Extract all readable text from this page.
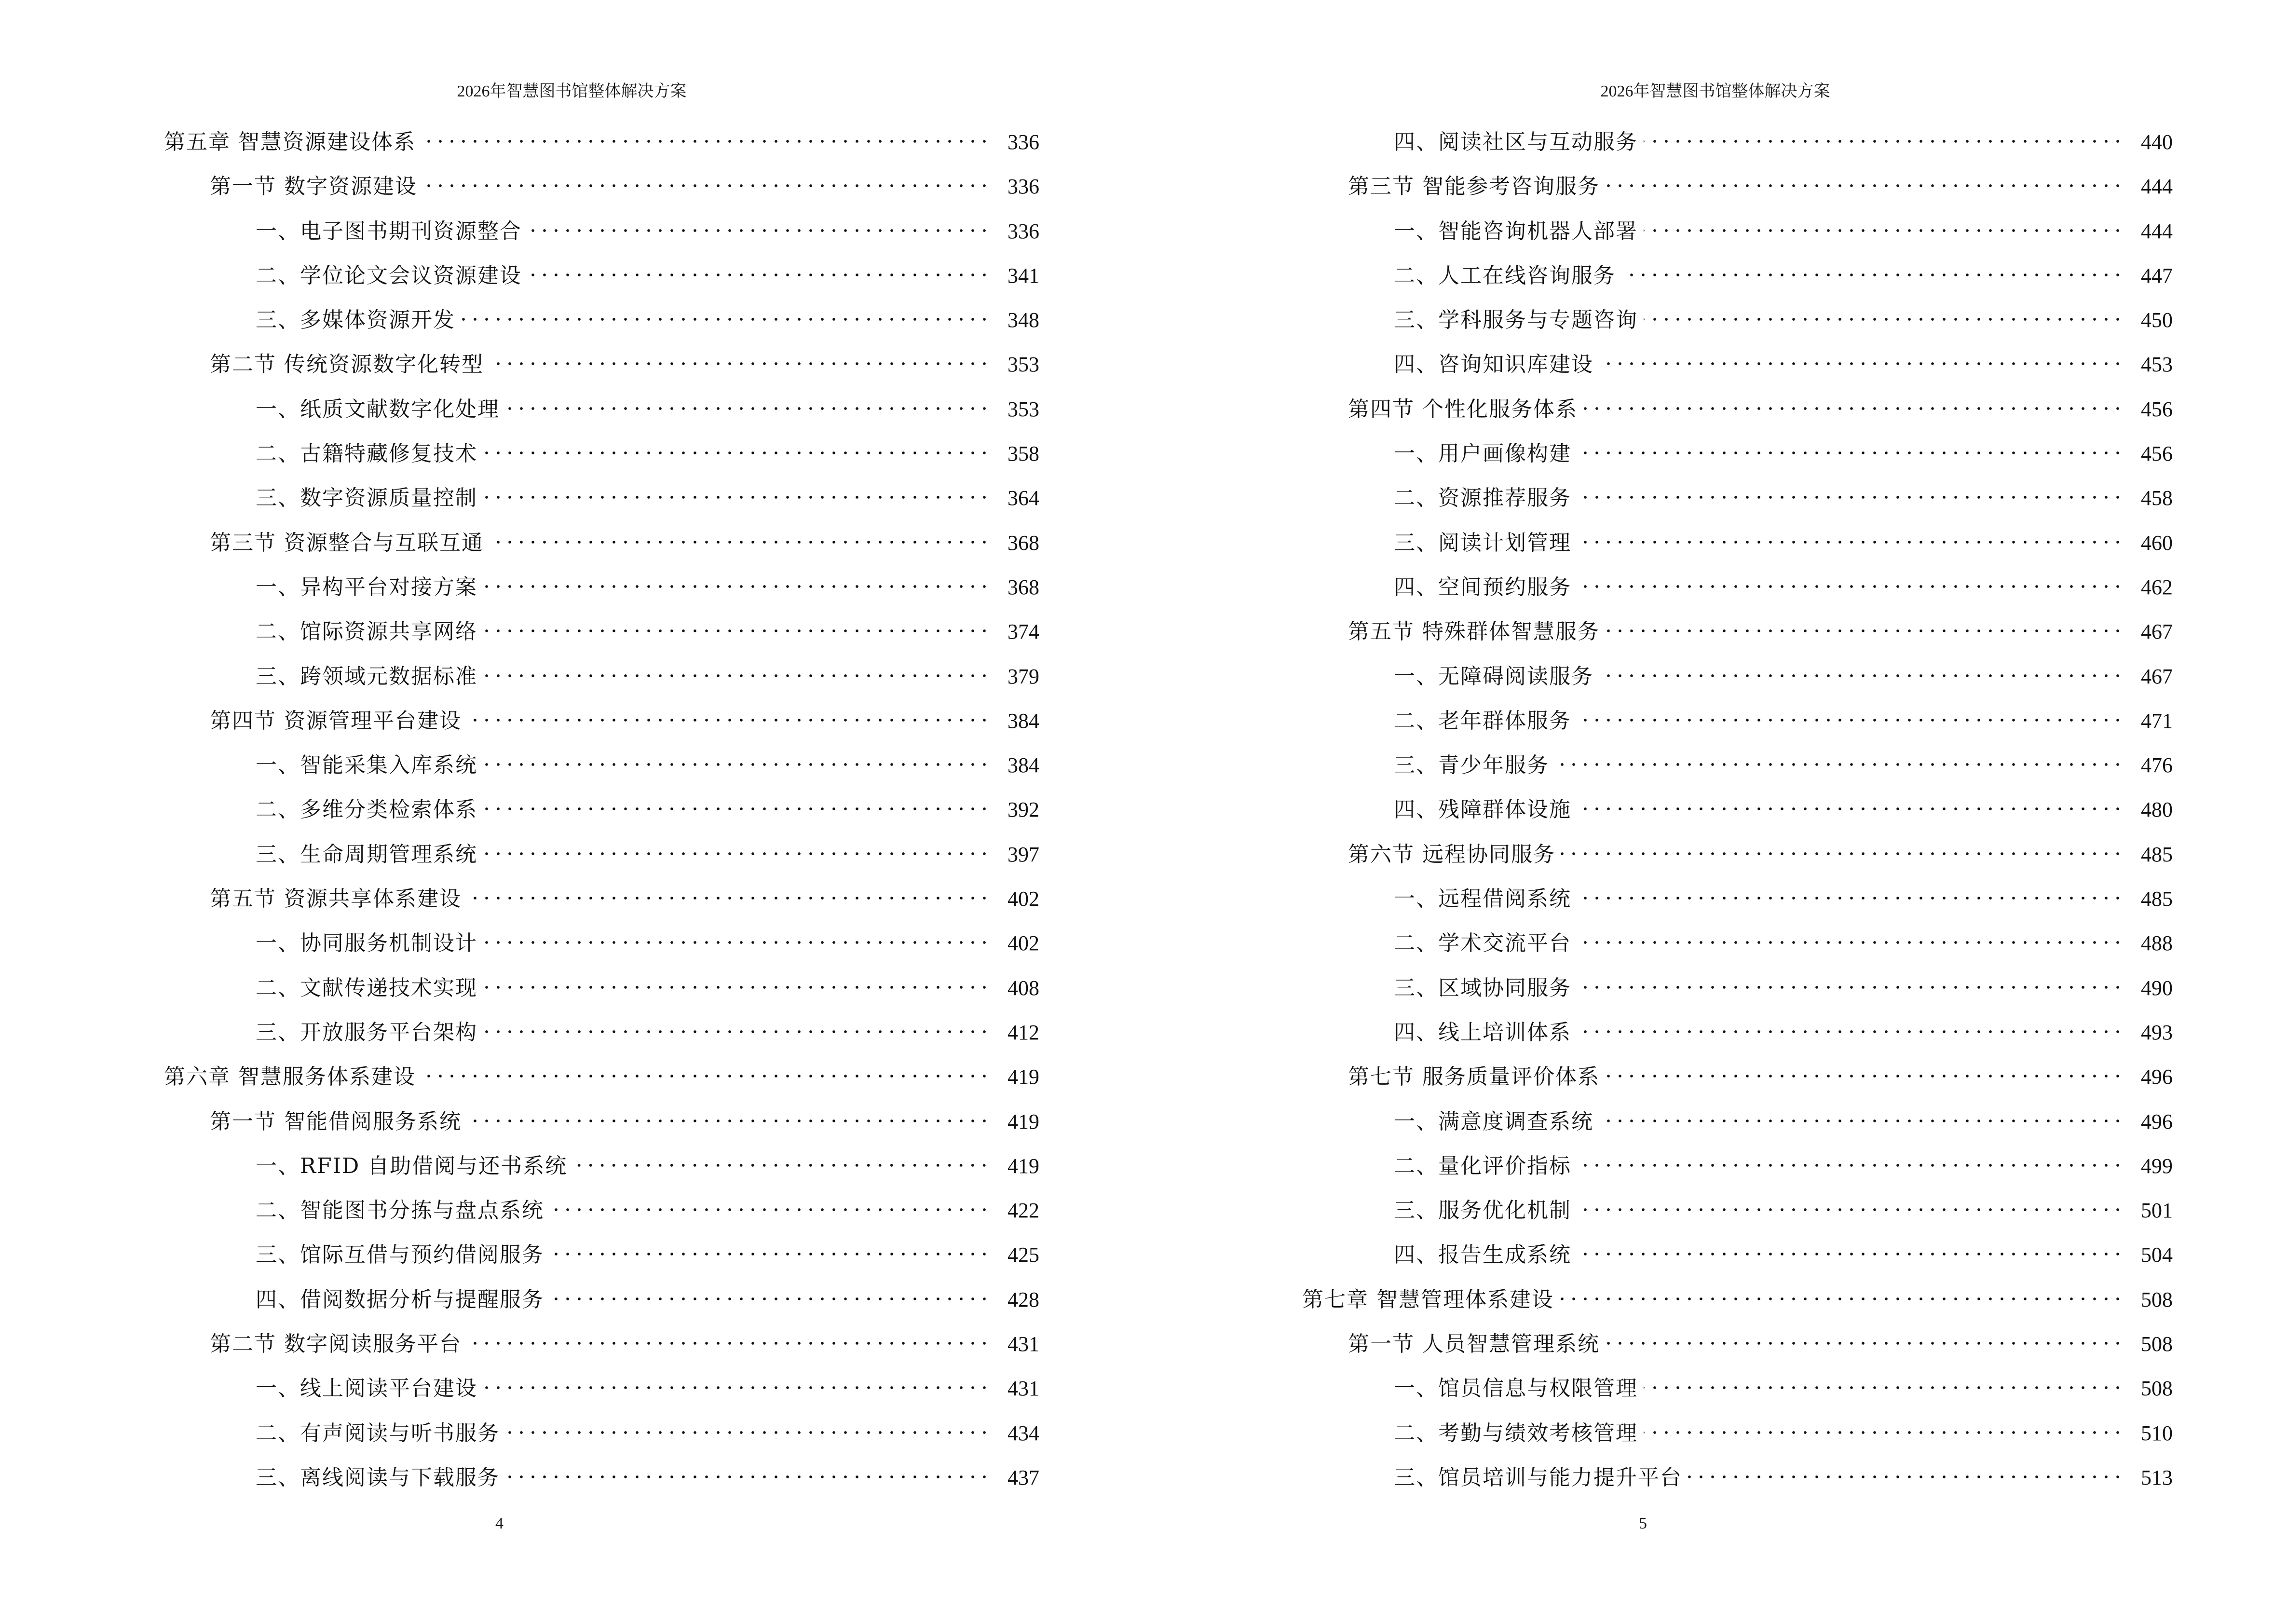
2026年智慧图书馆整体解决方案
第五章 智慧资源建设体系	336
第一节 数字资源建设	336
一、电子图书期刊资源整合	336
二、学位论文会议资源建设	341
三、多媒体资源开发	348
第二节 传统资源数字化转型	353
一、纸质文献数字化处理	353
二、古籍特藏修复技术	358
三、数字资源质量控制	364
第三节 资源整合与互联互通	368
一、异构平台对接方案	368
二、馆际资源共享网络	374
三、跨领域元数据标准	379
第四节 资源管理平台建设	384
一、智能采集入库系统	384
二、多维分类检索体系	392
三、生命周期管理系统	397
第五节 资源共享体系建设	402
一、协同服务机制设计	402
二、文献传递技术实现	408
三、开放服务平台架构	412
第六章 智慧服务体系建设	419
第一节 智能借阅服务系统	419
一、RFID 自助借阅与还书系统	419
二、智能图书分拣与盘点系统	422
三、馆际互借与预约借阅服务	425
四、借阅数据分析与提醒服务	428
第二节 数字阅读服务平台	431
一、线上阅读平台建设	431
二、有声阅读与听书服务	434
三、离线阅读与下载服务	437
4
2026年智慧图书馆整体解决方案
四、阅读社区与互动服务	440
第三节 智能参考咨询服务	444
一、智能咨询机器人部署	444
二、人工在线咨询服务	447
三、学科服务与专题咨询	450
四、咨询知识库建设	453
第四节 个性化服务体系	456
一、用户画像构建	456
二、资源推荐服务	458
三、阅读计划管理	460
四、空间预约服务	462
第五节 特殊群体智慧服务	467
一、无障碍阅读服务	467
二、老年群体服务	471
三、青少年服务	476
四、残障群体设施	480
第六节 远程协同服务	485
一、远程借阅系统	485
二、学术交流平台	488
三、区域协同服务	490
四、线上培训体系	493
第七节 服务质量评价体系	496
一、满意度调查系统	496
二、量化评价指标	499
三、服务优化机制	501
四、报告生成系统	504
第七章 智慧管理体系建设	508
第一节 人员智慧管理系统	508
一、馆员信息与权限管理	508
二、考勤与绩效考核管理	510
三、馆员培训与能力提升平台	513
5
